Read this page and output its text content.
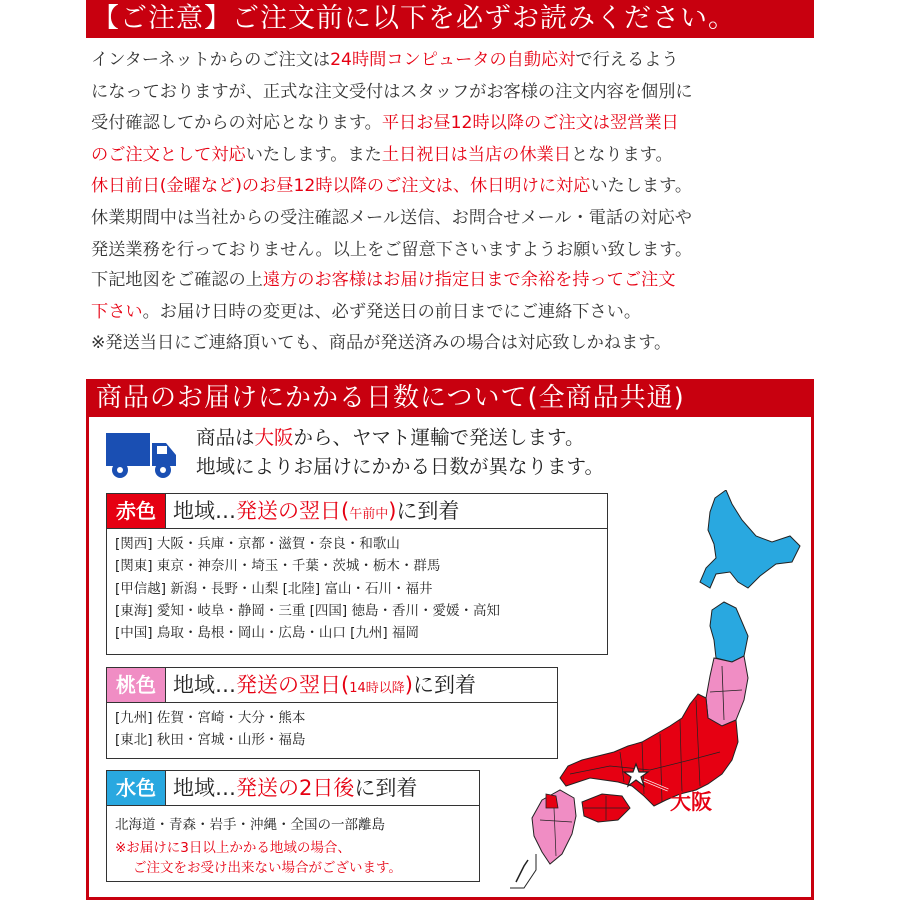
【ご注意】ご注文前に以下を必ずお読みください。
インターネットからのご注文は24時間コンピュータの自動応対で行えるよう
になっておりますが、正式な注文受付はスタッフがお客様の注文内容を個別に
受付確認してからの対応となります。平日お昼12時以降のご注文は翌営業日
のご注文として対応いたします。また土日祝日は当店の休業日となります。
休日前日(金曜など)のお昼12時以降のご注文は、休日明けに対応いたします。
休業期間中は当社からの受注確認メール送信、お問合せメール・電話の対応や
発送業務を行っておりません。以上をご留意下さいますようお願い致します。
下記地図をご確認の上遠方のお客様はお届け指定日まで余裕を持ってご注文
下さい。お届け日時の変更は、必ず発送日の前日までにご連絡下さい。
※発送当日にご連絡頂いても、商品が発送済みの場合は対応致しかねます。
商品のお届けにかかる日数について(全商品共通)
商品は大阪から、ヤマト運輸で発送します。
地域によりお届けにかかる日数が異なります。
赤色 地域…発送の翌日(午前中)に到着
[関西] 大阪・兵庫・京都・滋賀・奈良・和歌山
[関東] 東京・神奈川・埼玉・千葉・茨城・栃木・群馬
[甲信越] 新潟・長野・山梨 [北陸] 富山・石川・福井
[東海] 愛知・岐阜・静岡・三重 [四国] 徳島・香川・愛媛・高知
[中国] 鳥取・島根・岡山・広島・山口 [九州] 福岡
桃色 地域…発送の翌日(14時以降)に到着
[九州] 佐賀・宮崎・大分・熊本
[東北] 秋田・宮城・山形・福島
水色 地域…発送の2日後に到着
北海道・青森・岩手・沖縄・全国の一部離島
※お届けに3日以上かかる地域の場合、
ご注文をお受け出来ない場合がございます。
大阪
